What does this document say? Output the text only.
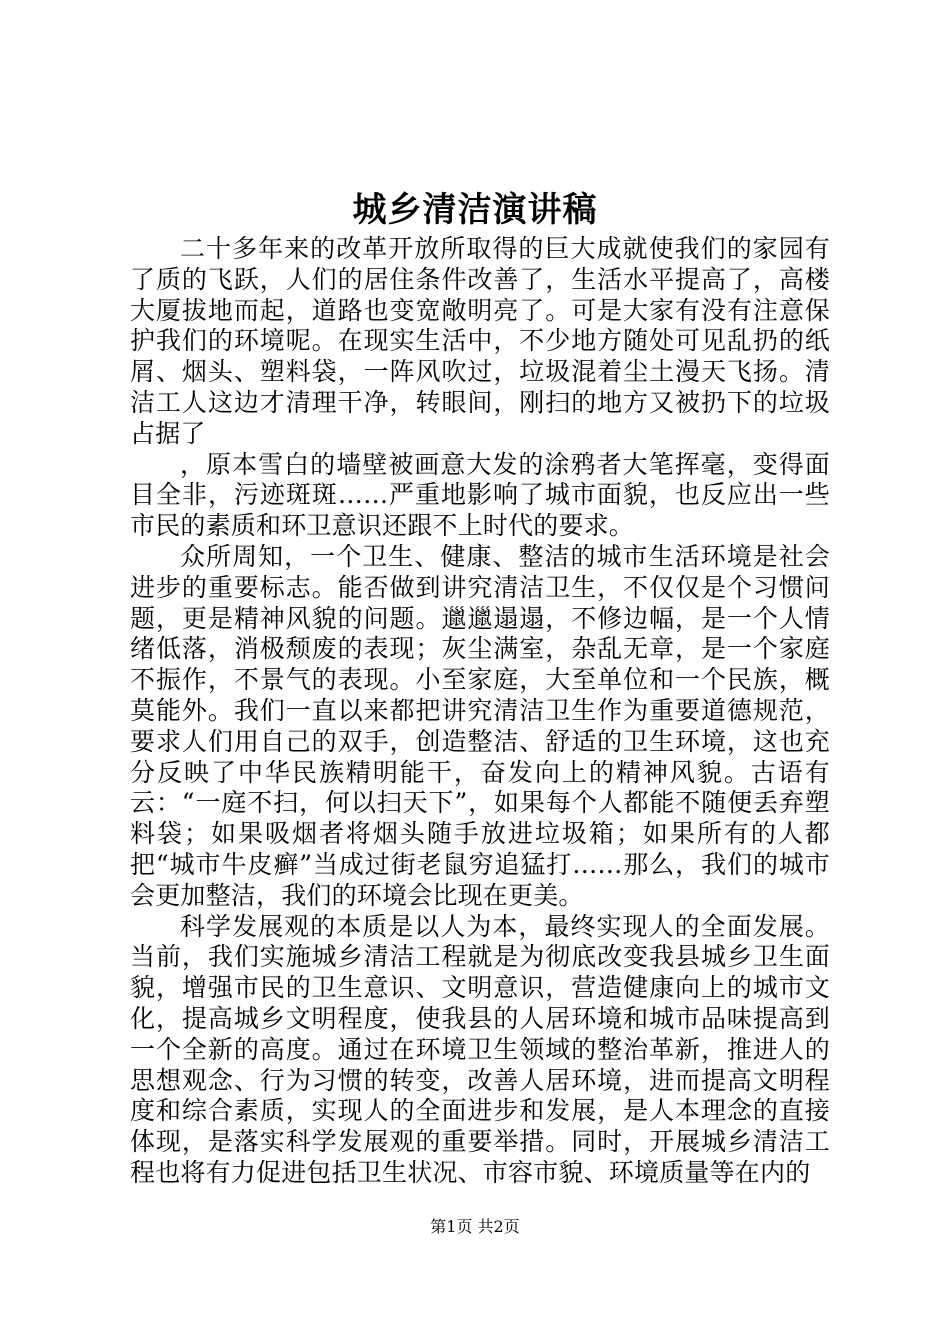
城乡清洁演讲稿

二十多年来的改革开放所取得的巨大成就使我们的家园有了质的飞跃，人们的居住条件改善了，生活水平提高了，高楼大厦拔地而起，道路也变宽敞明亮了。可是大家有没有注意保护我们的环境呢。在现实生活中，不少地方随处可见乱扔的纸屑、烟头、塑料袋，一阵风吹过，垃圾混着尘土漫天飞扬。清洁工人这边才清理干净，转眼间，刚扫的地方又被扔下的垃圾占据了

，原本雪白的墙壁被画意大发的涂鸦者大笔挥毫，变得面目全非，污迹斑斑……严重地影响了城市面貌，也反应出一些市民的素质和环卫意识还跟不上时代的要求。

众所周知，一个卫生、健康、整洁的城市生活环境是社会进步的重要标志。能否做到讲究清洁卫生，不仅仅是个习惯问题，更是精神风貌的问题。邋邋遢遢，不修边幅，是一个人情绪低落，消极颓废的表现；灰尘满室，杂乱无章，是一个家庭不振作，不景气的表现。小至家庭，大至单位和一个民族，概莫能外。我们一直以来都把讲究清洁卫生作为重要道德规范，要求人们用自己的双手，创造整洁、舒适的卫生环境，这也充分反映了中华民族精明能干，奋发向上的精神风貌。古语有云：“一庭不扫，何以扫天下”，如果每个人都能不随便丢弃塑料袋；如果吸烟者将烟头随手放进垃圾箱；如果所有的人都把“城市牛皮癣”当成过街老鼠穷追猛打……那么，我们的城市会更加整洁，我们的环境会比现在更美。

科学发展观的本质是以人为本，最终实现人的全面发展。当前，我们实施城乡清洁工程就是为彻底改变我县城乡卫生面貌，增强市民的卫生意识、文明意识，营造健康向上的城市文化，提高城乡文明程度，使我县的人居环境和城市品味提高到一个全新的高度。通过在环境卫生领域的整治革新，推进人的思想观念、行为习惯的转变，改善人居环境，进而提高文明程度和综合素质，实现人的全面进步和发展，是人本理念的直接体现，是落实科学发展观的重要举措。同时，开展城乡清洁工程也将有力促进包括卫生状况、市容市貌、环境质量等在内的

第1页 共2页
